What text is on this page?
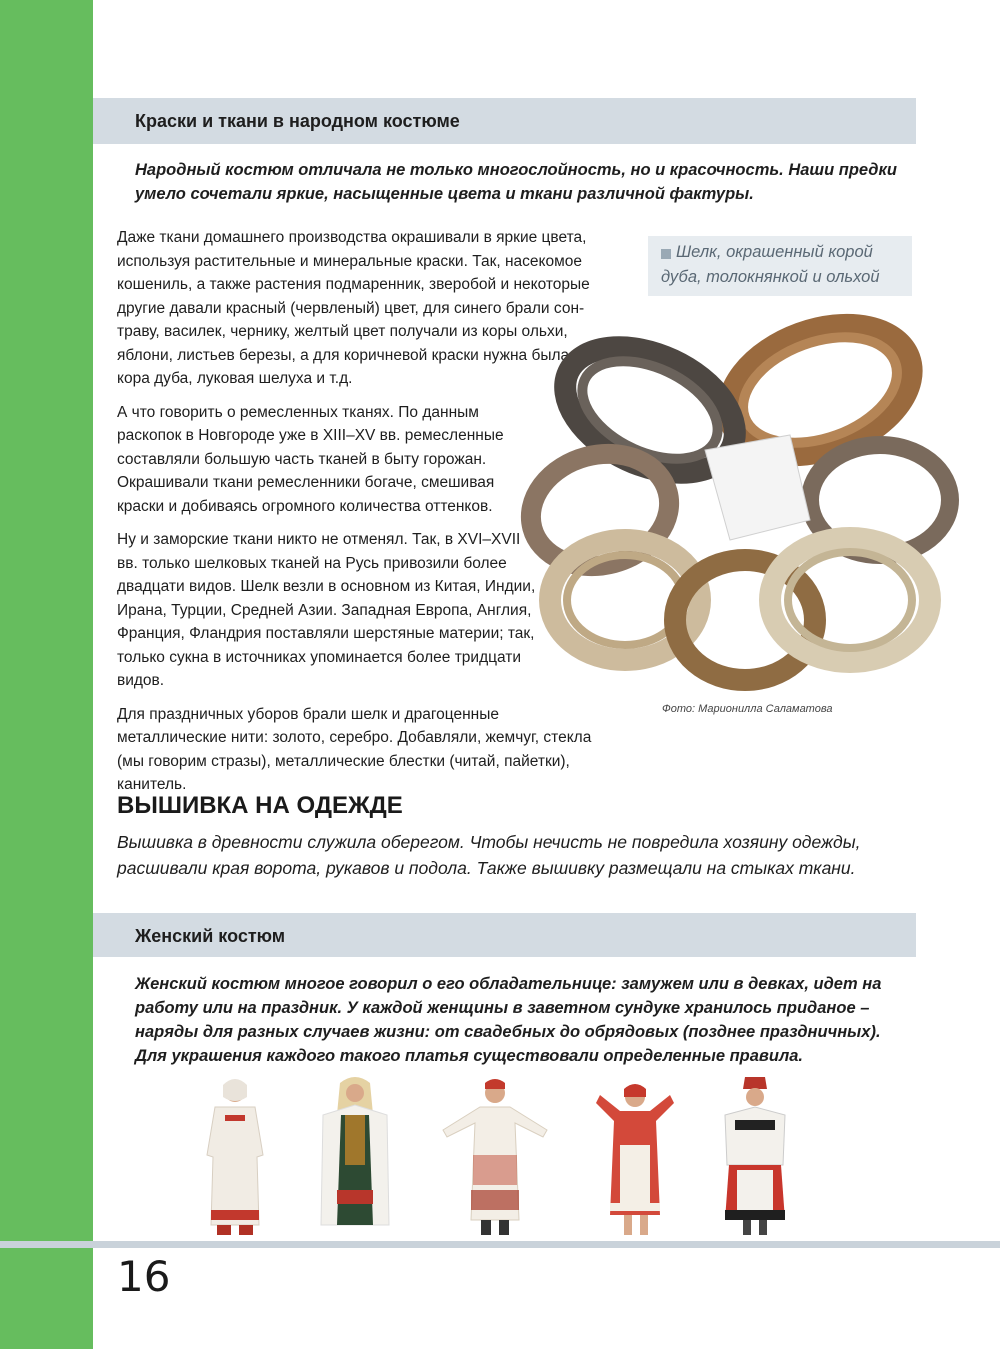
Краски и ткани в народном костюме
Народный костюм отличала не только многослойность, но и красочность. Наши предки умело сочетали яркие, насыщенные цвета и ткани различной фактуры.

Даже ткани домашнего производства окрашивали в яркие цвета, используя растительные и минеральные краски. Так, насекомое кошениль, а также растения подмаренник, зверобой и некоторые другие давали красный (червленый) цвет, для синего брали сон-траву, василек, чернику, желтый цвет получали из коры ольхи, яблони, листьев березы, а для коричневой краски нужна была кора дуба, луковая шелуха и т.д.

А что говорить о ремесленных тканях. По данным раскопок в Новгороде уже в XIII–XV вв. ремесленные составляли большую часть тканей в быту горожан. Окрашивали ткани ремесленники богаче, смешивая краски и добиваясь огромного количества оттенков.

Ну и заморские ткани никто не отменял. Так, в XVI–XVII вв. только шелковых тканей на Русь привозили более двадцати видов. Шелк везли в основном из Китая, Индии, Ирана, Турции, Средней Азии. Западная Европа, Англия, Франция, Фландрия поставляли шерстяные материи; так, только сукна в источниках упоминается более тридцати видов.

Для праздничных уборов брали шелк и драгоценные металлические нити: золото, серебро. Добавляли, жемчуг, стекла (мы говорим стразы), металлические блестки (читай, пайетки), канитель.

Шелк, окрашенный корой дуба, толокнянкой и ольхой
Фото: Марионилла Саламатова
ВЫШИВКА НА ОДЕЖДЕ
Вышивка в древности служила оберегом. Чтобы нечисть не повредила хозяину одежды, расшивали края ворота, рукавов и подола. Также вышивку размещали на стыках ткани.
Женский костюм
Женский костюм многое говорил о его обладательнице: замужем или в девках, идет на работу или на праздник. У каждой женщины в заветном сундуке хранилось приданое – наряды для разных случаев жизни: от свадебных до обрядовых (позднее праздничных). Для украшения каждого такого платья существовали определенные правила.
16
